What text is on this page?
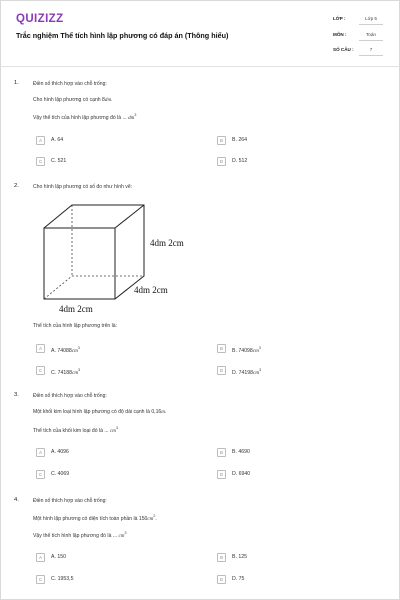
QUIZIZZ
Trắc nghiệm Thể tích hình lập phương có đáp án (Thông hiểu)
LỚP :	Lớp 5
MÔN :	Toán
SỐ CÂU :	7
1.	Điền số thích hợp vào chỗ trống:
Cho hình lập phương có cạnh 8dm.
Vậy thể tích của hình lập phương đó là ... $dm^3$
A	A. 64	B	B. 264
C	C. 521	D	D. 512
2.	Cho hình lập phương có số đo như hình vẽ:
4dm 2cm
4dm 2cm
4dm 2cm
Thể tích của hình lập phương trên là:
A	A. $74088cm^3$	B	B. $74098cm^3$
C	C. $74188cm^3$	D	D. $74198cm^3$
3.	Điền số thích hợp vào chỗ trống:
Một khối kim loại hình lập phương có độ dài cạnh là 0,16m.
Thể tích của khối kim loại đó là ... $cm^3$
A	A. 4096	B	B. 4690
C	C. 4069	D	D. 6940
4.	Điền số thích hợp vào chỗ trống:
Một hình lập phương có diện tích toàn phần là $150cm^2$.
Vậy thể tích hình lập phương đó là ... $cm^3$
A	A. 150	B	B. 125
C	C. 1953,5	D	D. 75
